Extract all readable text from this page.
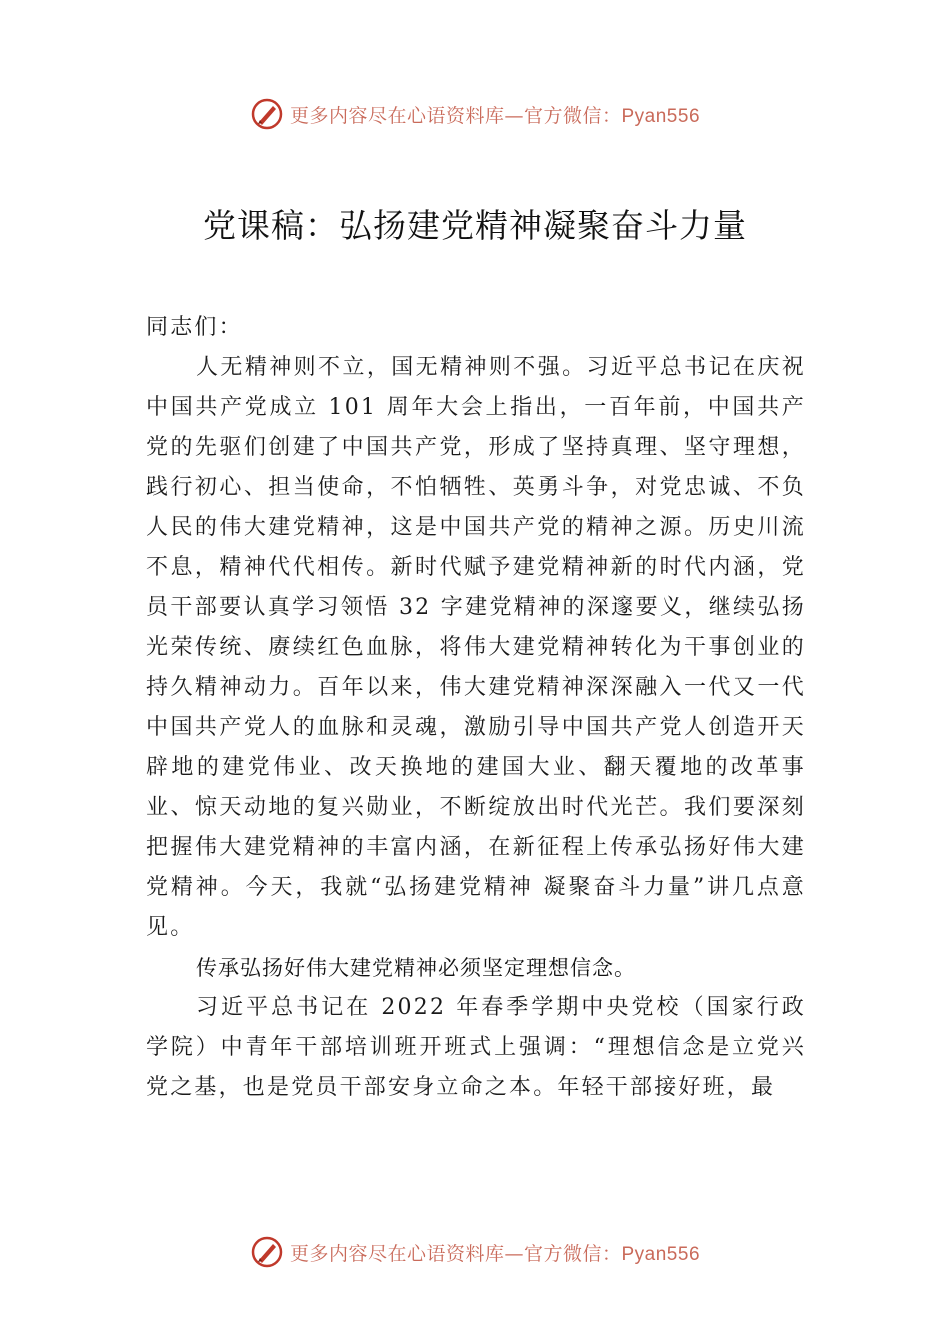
更多内容尽在心语资料库—官方微信：Pyan556
党课稿：弘扬建党精神凝聚奋斗力量

同志们：

人无精神则不立，国无精神则不强。习近平总书记在庆祝中国共产党成立 101 周年大会上指出，一百年前，中国共产党的先驱们创建了中国共产党，形成了坚持真理、坚守理想，践行初心、担当使命，不怕牺牲、英勇斗争，对党忠诚、不负人民的伟大建党精神，这是中国共产党的精神之源。历史川流不息，精神代代相传。新时代赋予建党精神新的时代内涵，党员干部要认真学习领悟 32 字建党精神的深邃要义，继续弘扬光荣传统、赓续红色血脉，将伟大建党精神转化为干事创业的持久精神动力。百年以来，伟大建党精神深深融入一代又一代中国共产党人的血脉和灵魂，激励引导中国共产党人创造开天辟地的建党伟业、改天换地的建国大业、翻天覆地的改革事业、惊天动地的复兴勋业，不断绽放出时代光芒。我们要深刻把握伟大建党精神的丰富内涵，在新征程上传承弘扬好伟大建党精神。今天，我就“弘扬建党精神 凝聚奋斗力量”讲几点意见。

传承弘扬好伟大建党精神必须坚定理想信念。

习近平总书记在 2022 年春季学期中央党校（国家行政学院）中青年干部培训班开班式上强调：“理想信念是立党兴党之基，也是党员干部安身立命之本。年轻干部接好班，最

更多内容尽在心语资料库—官方微信：Pyan556
